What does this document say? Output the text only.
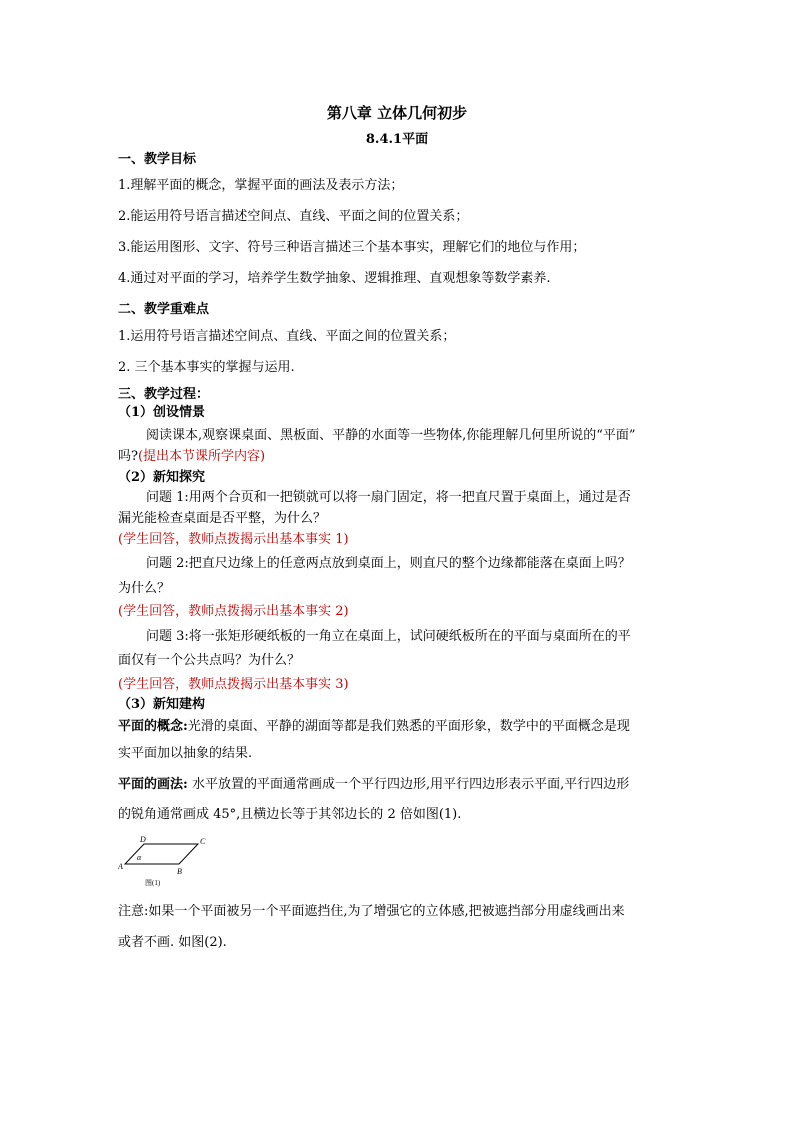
第八章 立体几何初步
8.4.1平面
一、教学目标
1.理解平面的概念，掌握平面的画法及表示方法；
2.能运用符号语言描述空间点、直线、平面之间的位置关系；
3.能运用图形、文字、符号三种语言描述三个基本事实，理解它们的地位与作用；
4.通过对平面的学习，培养学生数学抽象、逻辑推理、直观想象等数学素养.
二、教学重难点
1.运用符号语言描述空间点、直线、平面之间的位置关系；
2. 三个基本事实的掌握与运用.
三、教学过程：
（1）创设情景
阅读课本,观察课桌面、黑板面、平静的水面等一些物体,你能理解几何里所说的“平面”
吗?(提出本节课所学内容)
（2）新知探究
问题 1:用两个合页和一把锁就可以将一扇门固定，将一把直尺置于桌面上，通过是否
漏光能检查桌面是否平整，为什么？
(学生回答，教师点拨揭示出基本事实 1)
问题 2:把直尺边缘上的任意两点放到桌面上，则直尺的整个边缘都能落在桌面上吗？
为什么？
(学生回答，教师点拨揭示出基本事实 2)
问题 3:将一张矩形硬纸板的一角立在桌面上，试问硬纸板所在的平面与桌面所在的平
面仅有一个公共点吗？为什么？
(学生回答，教师点拨揭示出基本事实 3)
（3）新知建构
平面的概念:光滑的桌面、平静的湖面等都是我们熟悉的平面形象，数学中的平面概念是现
实平面加以抽象的结果.
平面的画法: 水平放置的平面通常画成一个平行四边形,用平行四边形表示平面,平行四边形
的锐角通常画成 45°,且横边长等于其邻边长的 2 倍如图(1).
A
B
C
D
α
图(1)
注意:如果一个平面被另一个平面遮挡住,为了增强它的立体感,把被遮挡部分用虚线画出来
或者不画. 如图(2).
